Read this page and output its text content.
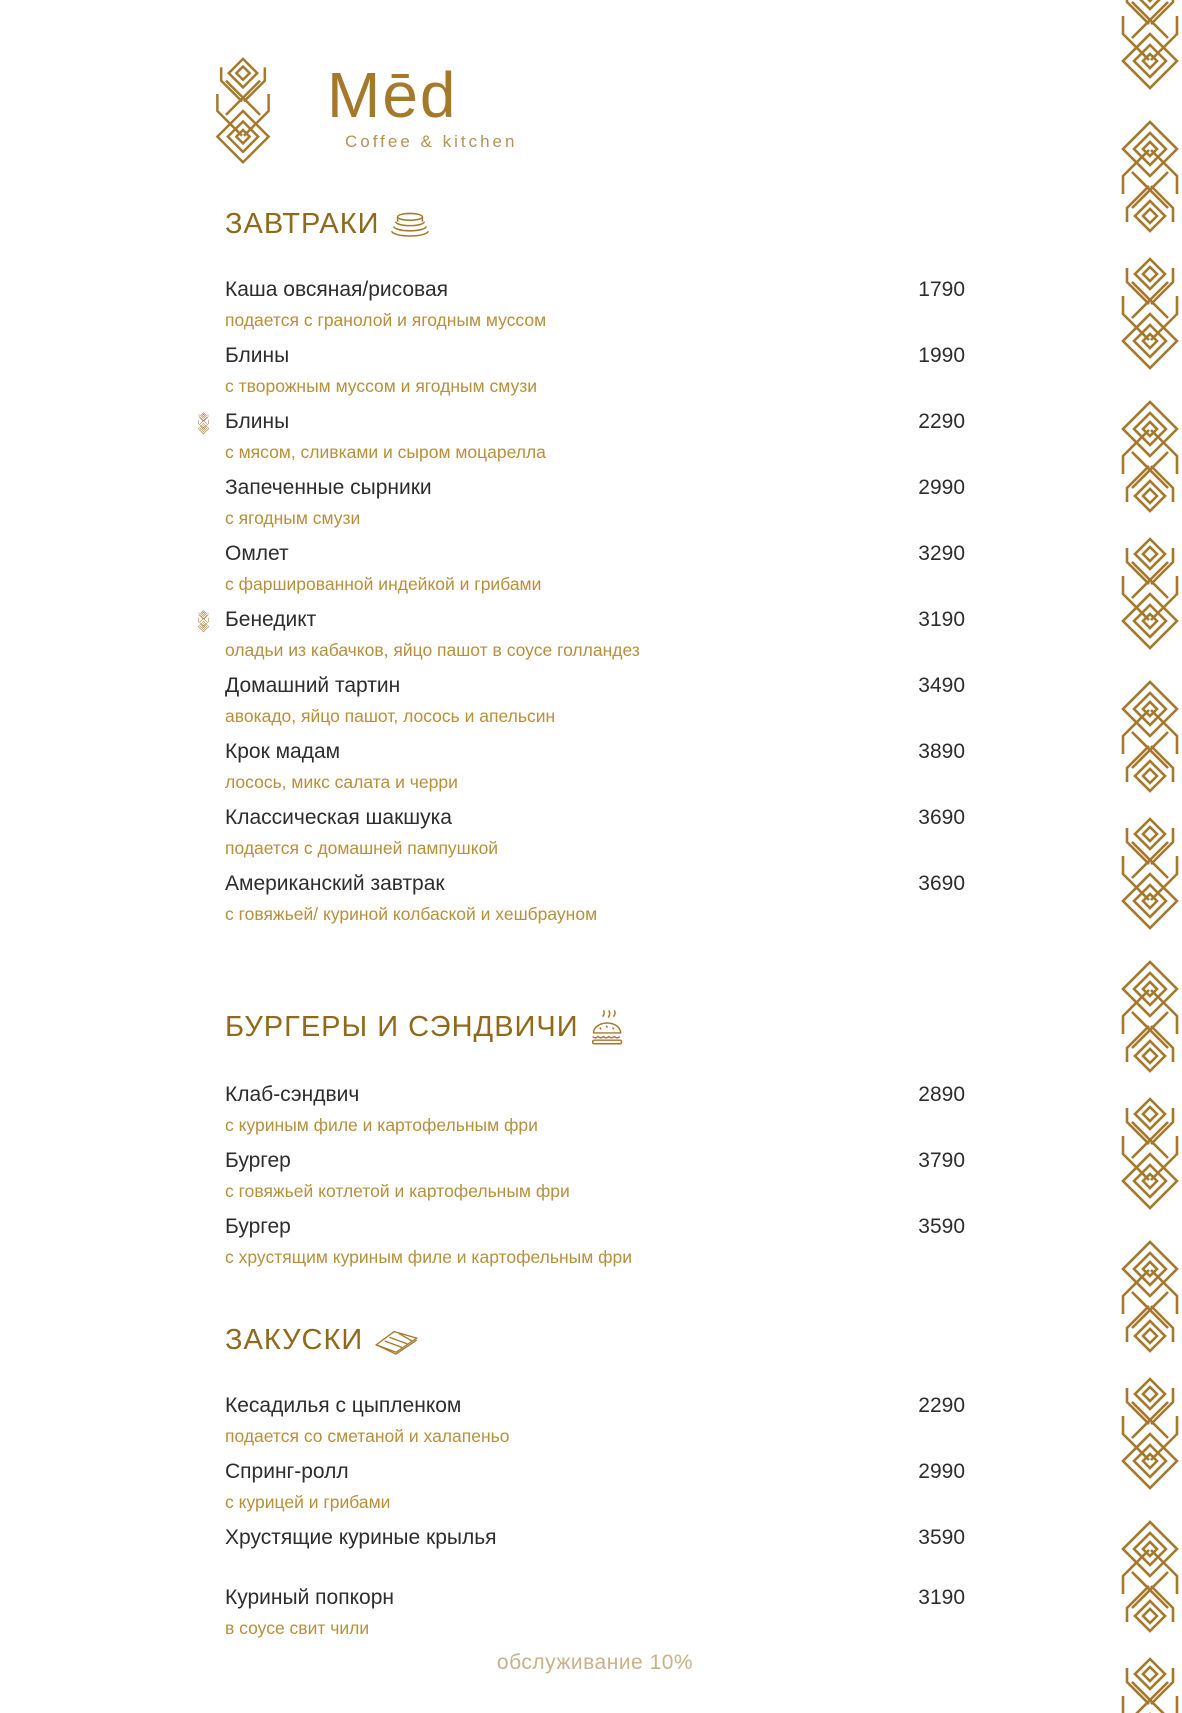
Mēd
Coffee & kitchen
ЗАВТРАКИ
Каша овсяная/рисовая
подается с гранолой и ягодным муссом
1790
Блины
с творожным муссом и ягодным смузи
1990
Блины
с мясом, сливками и сыром моцарелла
2290
Запеченные сырники
с ягодным смузи
2990
Омлет
с фаршированной индейкой и грибами
3290
Бенедикт
оладьи из кабачков, яйцо пашот в соусе голландез
3190
Домашний тартин
авокадо, яйцо пашот, лосось и апельсин
3490
Крок мадам
лосось, микс салата и черри
3890
Классическая шакшука
подается с домашней пампушкой
3690
Американский завтрак
с говяжьей/ куриной колбаской и хешбрауном
3690
БУРГЕРЫ И СЭНДВИЧИ
Клаб-сэндвич
с куриным филе и картофельным фри
2890
Бургер
с говяжьей котлетой и картофельным фри
3790
Бургер
с хрустящим куриным филе и картофельным фри
3590
ЗАКУСКИ
Кесадилья с цыпленком
подается со сметаной и халапеньо
2290
Спринг-ролл
с курицей и грибами
2990
Хрустящие куриные крылья	3590
Куриный попкорн
в соусе свит чили
3190
обслуживание 10%
